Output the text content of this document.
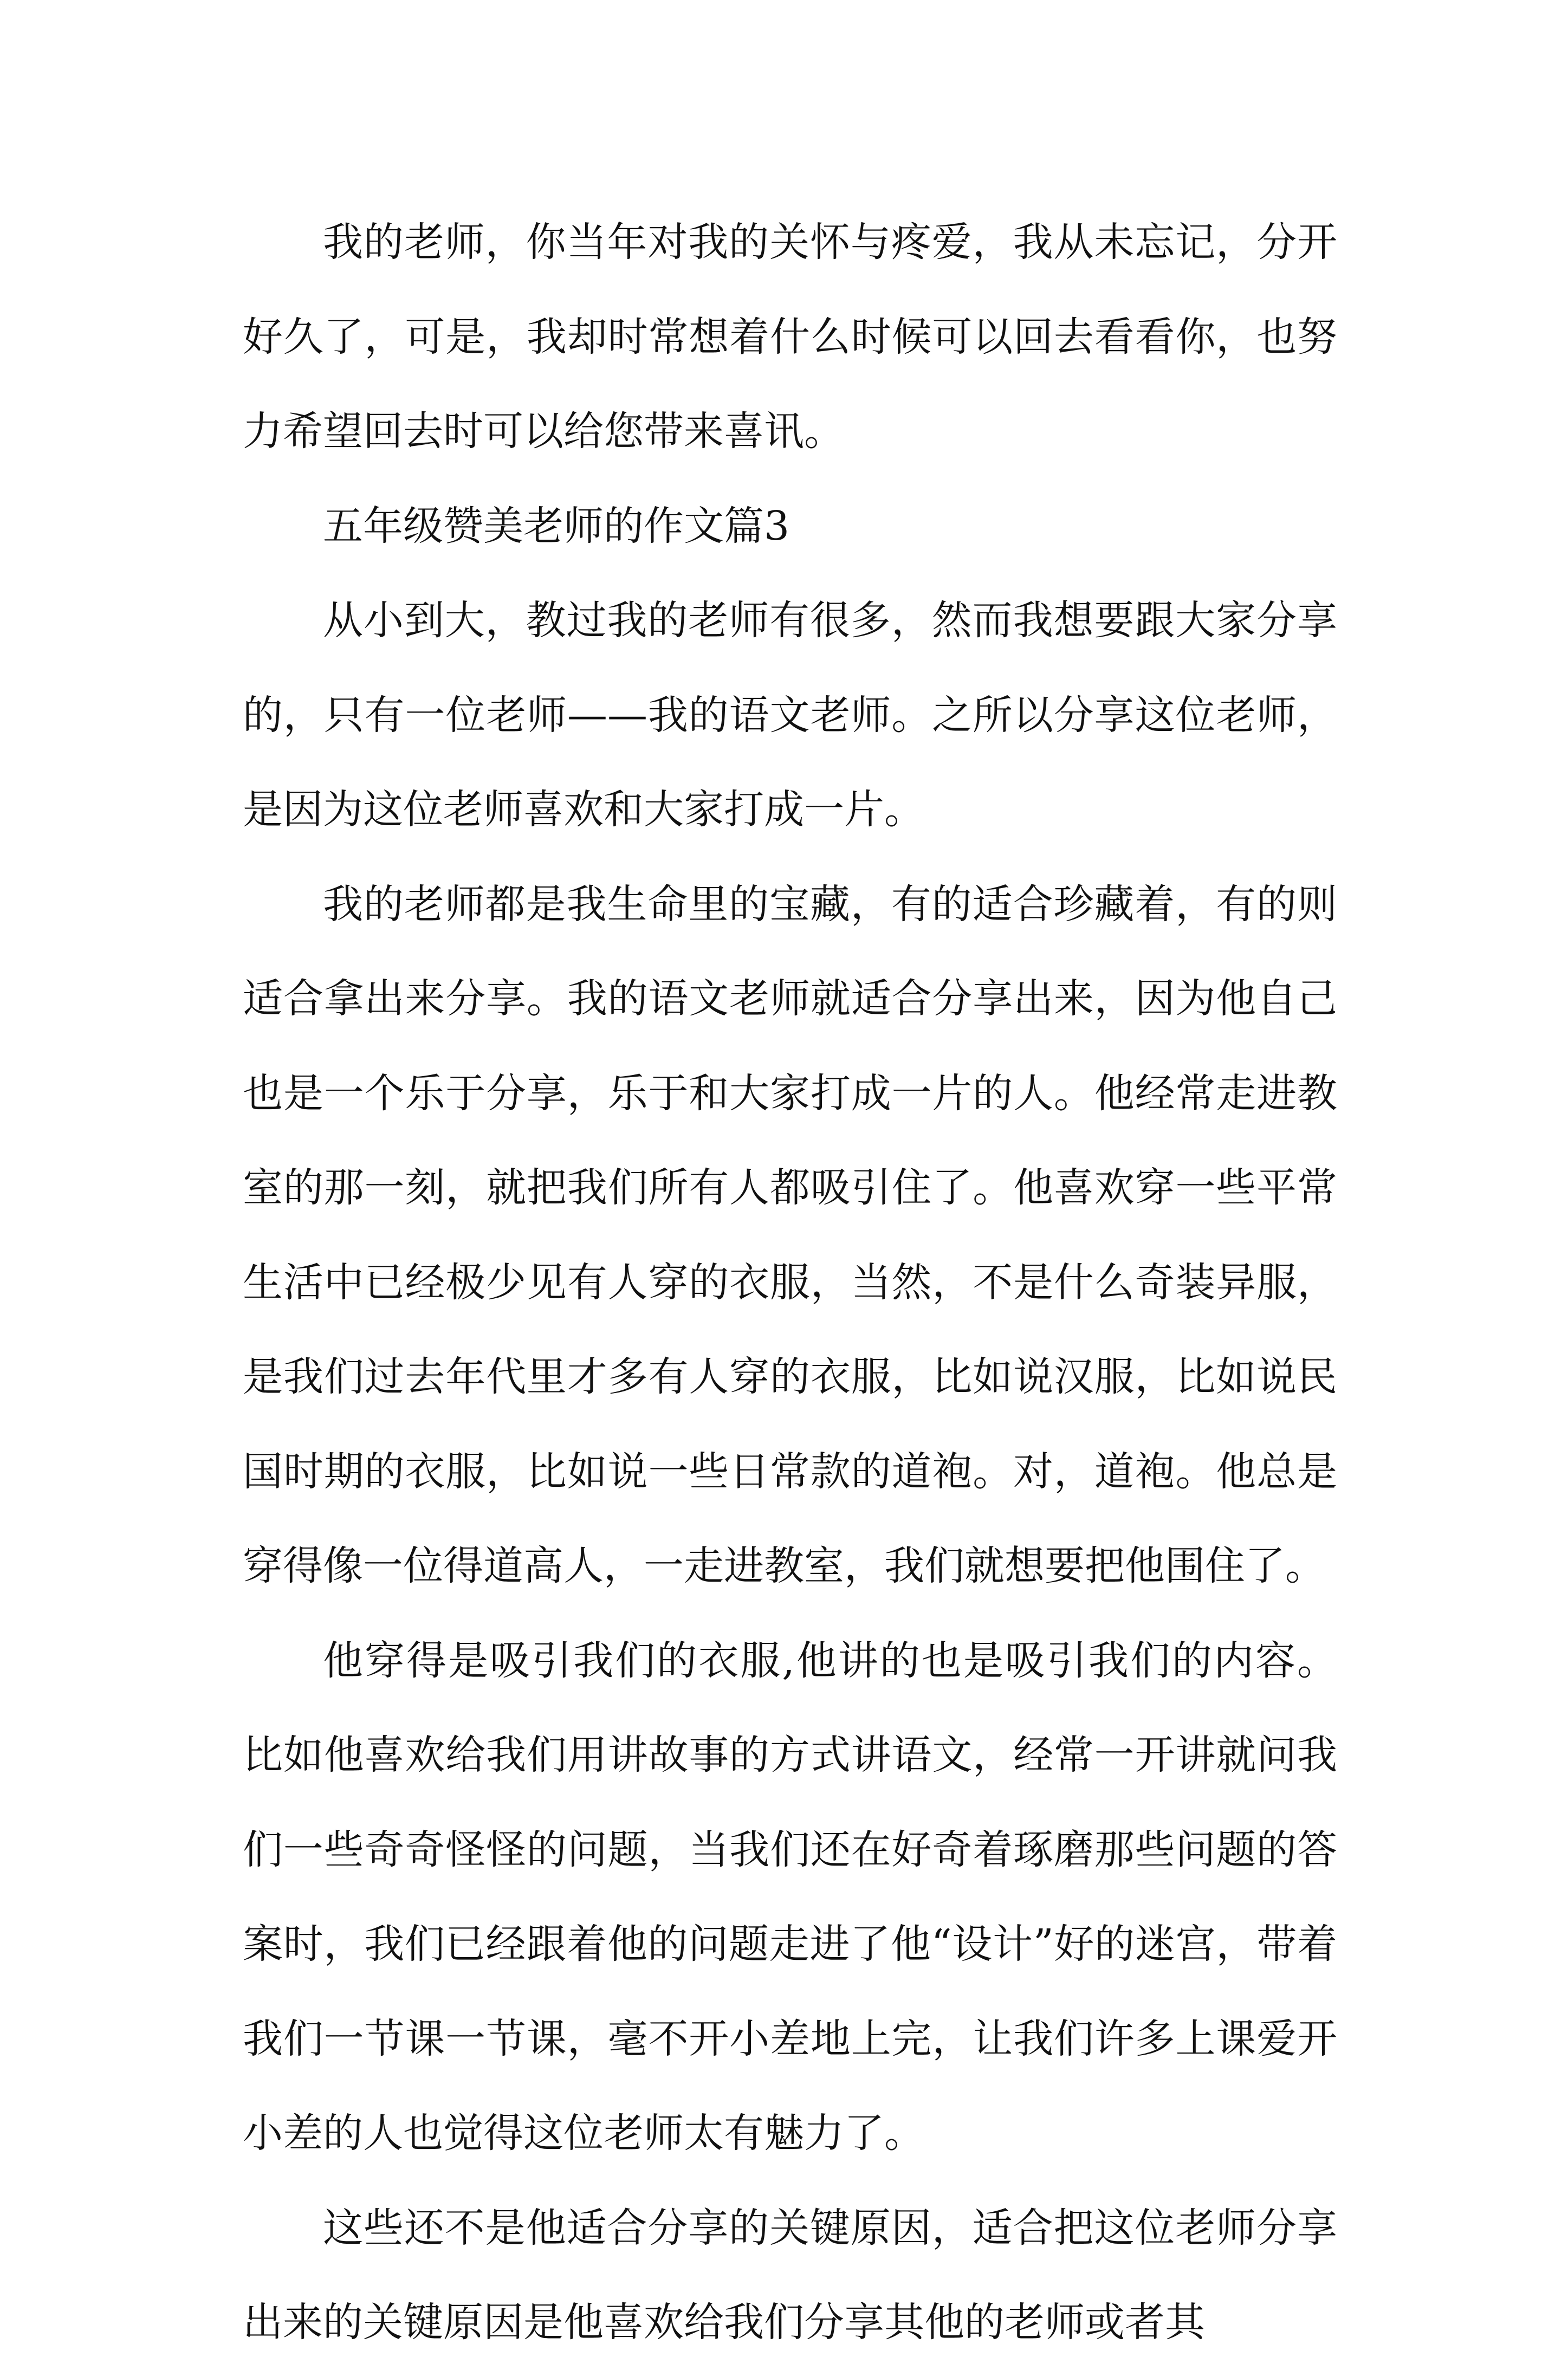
我的老师，你当年对我的关怀与疼爱，我从未忘记，分开好久了，可是，我却时常想着什么时候可以回去看看你，也努力希望回去时可以给您带来喜讯。

五年级赞美老师的作文篇3

从小到大，教过我的老师有很多，然而我想要跟大家分享的，只有一位老师——我的语文老师。之所以分享这位老师，是因为这位老师喜欢和大家打成一片。

我的老师都是我生命里的宝藏，有的适合珍藏着，有的则适合拿出来分享。我的语文老师就适合分享出来，因为他自己也是一个乐于分享，乐于和大家打成一片的人。他经常走进教室的那一刻，就把我们所有人都吸引住了。他喜欢穿一些平常生活中已经极少见有人穿的衣服，当然，不是什么奇装异服，是我们过去年代里才多有人穿的衣服，比如说汉服，比如说民国时期的衣服，比如说一些日常款的道袍。对，道袍。他总是穿得像一位得道高人，一走进教室，我们就想要把他围住了。

他穿得是吸引我们的衣服,他讲的也是吸引我们的内容。比如他喜欢给我们用讲故事的方式讲语文，经常一开讲就问我们一些奇奇怪怪的问题，当我们还在好奇着琢磨那些问题的答案时，我们已经跟着他的问题走进了他“设计”好的迷宫，带着我们一节课一节课，毫不开小差地上完，让我们许多上课爱开小差的人也觉得这位老师太有魅力了。

这些还不是他适合分享的关键原因，适合把这位老师分享出来的关键原因是他喜欢给我们分享其他的老师或者其
